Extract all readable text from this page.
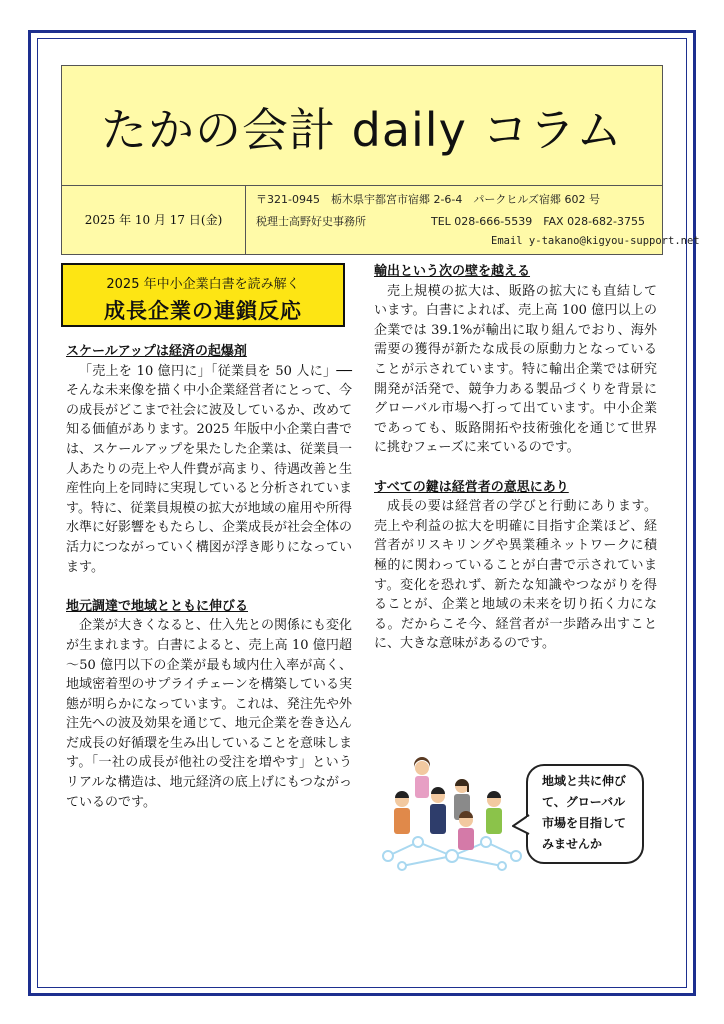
たかの会計 daily コラム
2025 年 10 月 17 日(金)
〒321-0945　栃木県宇都宮市宿郷 2-6-4　パークヒルズ宿郷 602 号
税理士高野好史事務所	TEL 028-666-5539　FAX 028-682-3755
Email y-takano@kigyou-support.net
2025 年中小企業白書を読み解く
成長企業の連鎖反応
スケールアップは経済の起爆剤

「売上を 10 億円に」「従業員を 50 人に」──そんな未来像を描く中小企業経営者にとって、今の成長がどこまで社会に波及しているか、改めて知る価値があります。2025 年版中小企業白書では、スケールアップを果たした企業は、従業員一人あたりの売上や人件費が高まり、待遇改善と生産性向上を同時に実現していると分析されています。特に、従業員規模の拡大が地域の雇用や所得水準に好影響をもたらし、企業成長が社会全体の活力につながっていく構図が浮き彫りになっています。

地元調達で地域とともに伸びる

企業が大きくなると、仕入先との関係にも変化が生まれます。白書によると、売上高 10 億円超～50 億円以下の企業が最も域内仕入率が高く、地域密着型のサプライチェーンを構築している実態が明らかになっています。これは、発注先や外注先への波及効果を通じて、地元企業を巻き込んだ成長の好循環を生み出していることを意味します。「一社の成長が他社の受注を増やす」というリアルな構造は、地元経済の底上げにもつながっているのです。

輸出という次の壁を越える

売上規模の拡大は、販路の拡大にも直結しています。白書によれば、売上高 100 億円以上の企業では 39.1%が輸出に取り組んでおり、海外需要の獲得が新たな成長の原動力となっていることが示されています。特に輸出企業では研究開発が活発で、競争力ある製品づくりを背景にグローバル市場へ打って出ています。中小企業であっても、販路開拓や技術強化を通じて世界に挑むフェーズに来ているのです。

すべての鍵は経営者の意思にあり

成長の要は経営者の学びと行動にあります。売上や利益の拡大を明確に目指す企業ほど、経営者がリスキリングや異業種ネットワークに積極的に関わっていることが白書で示されています。変化を恐れず、新たな知識やつながりを得ることが、企業と地域の未来を切り拓く力になる。だからこそ今、経営者が一歩踏み出すことに、大きな意味があるのです。

地域と共に伸び
て、グローバル
市場を目指して
みませんか
